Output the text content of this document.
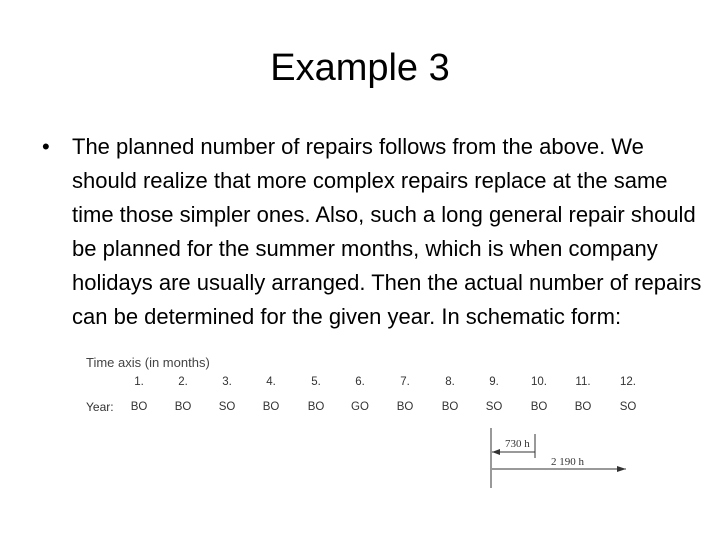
Example 3
• The planned number of repairs follows from the above. We should realize that more complex repairs replace at the same time those simpler ones. Also, such a long general repair should be planned for the summer months, which is when company holidays are usually arranged. Then the actual number of repairs can be determined for the given year. In schematic form:

Time axis (in months)
1.	2.	3.	4.	5.	6.	7.	8.	9.	10.	11.	12.
Year:	BO	BO	SO	BO	BO	GO	BO	BO	SO	BO	BO	SO
730 h
2 190 h
